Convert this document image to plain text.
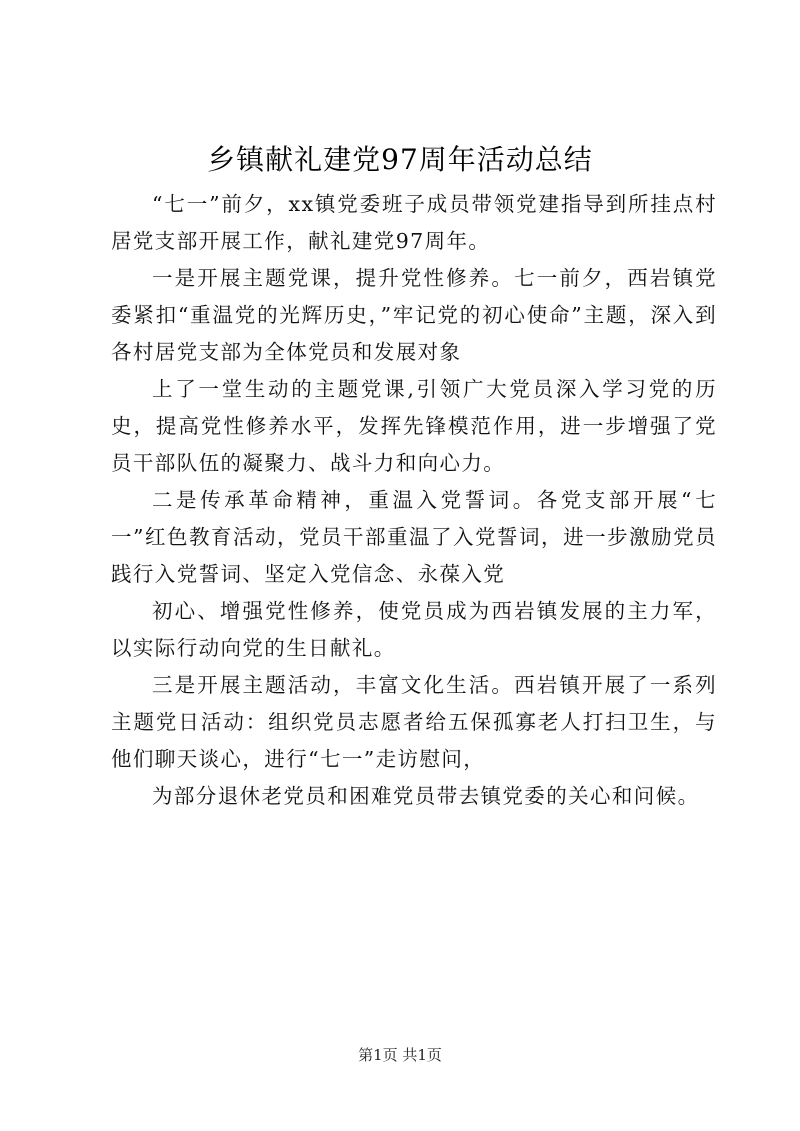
乡镇献礼建党97周年活动总结

“七一”前夕，xx镇党委班子成员带领党建指导到所挂点村居党支部开展工作，献礼建党97周年。

一是开展主题党课，提升党性修养。七一前夕，西岩镇党委紧扣“重温党的光辉历史，”牢记党的初心使命”主题，深入到各村居党支部为全体党员和发展对象

上了一堂生动的主题党课,引领广大党员深入学习党的历史，提高党性修养水平，发挥先锋模范作用，进一步增强了党员干部队伍的凝聚力、战斗力和向心力。

二是传承革命精神，重温入党誓词。各党支部开展“七一”红色教育活动，党员干部重温了入党誓词，进一步激励党员践行入党誓词、坚定入党信念、永葆入党

初心、增强党性修养，使党员成为西岩镇发展的主力军，以实际行动向党的生日献礼。

三是开展主题活动，丰富文化生活。西岩镇开展了一系列主题党日活动：组织党员志愿者给五保孤寡老人打扫卫生，与他们聊天谈心，进行“七一”走访慰问，

为部分退休老党员和困难党员带去镇党委的关心和问候。

第1页 共1页
